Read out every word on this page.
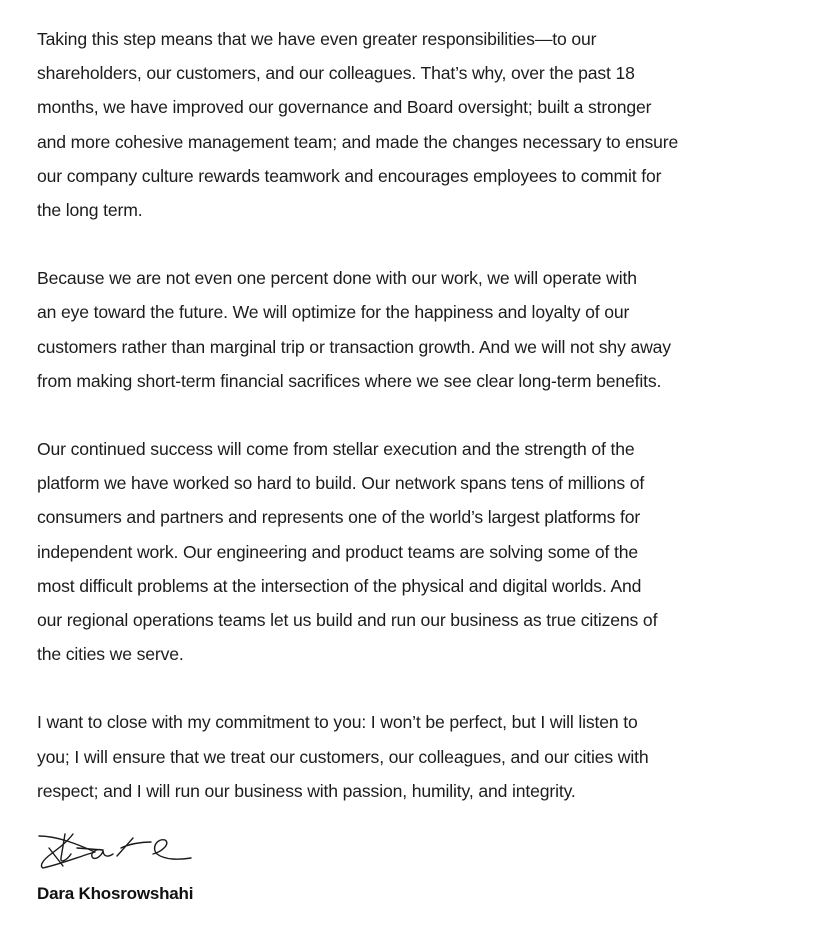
Taking this step means that we have even greater responsibilities—to our
shareholders, our customers, and our colleagues. That’s why, over the past 18
months, we have improved our governance and Board oversight; built a stronger
and more cohesive management team; and made the changes necessary to ensure
our company culture rewards teamwork and encourages employees to commit for
the long term.

Because we are not even one percent done with our work, we will operate with
an eye toward the future. We will optimize for the happiness and loyalty of our
customers rather than marginal trip or transaction growth. And we will not shy away
from making short-term financial sacrifices where we see clear long-term benefits.

Our continued success will come from stellar execution and the strength of the
platform we have worked so hard to build. Our network spans tens of millions of
consumers and partners and represents one of the world’s largest platforms for
independent work. Our engineering and product teams are solving some of the
most difficult problems at the intersection of the physical and digital worlds. And
our regional operations teams let us build and run our business as true citizens of
the cities we serve.

I want to close with my commitment to you: I won’t be perfect, but I will listen to
you; I will ensure that we treat our customers, our colleagues, and our cities with
respect; and I will run our business with passion, humility, and integrity.

Dara Khosrowshahi
